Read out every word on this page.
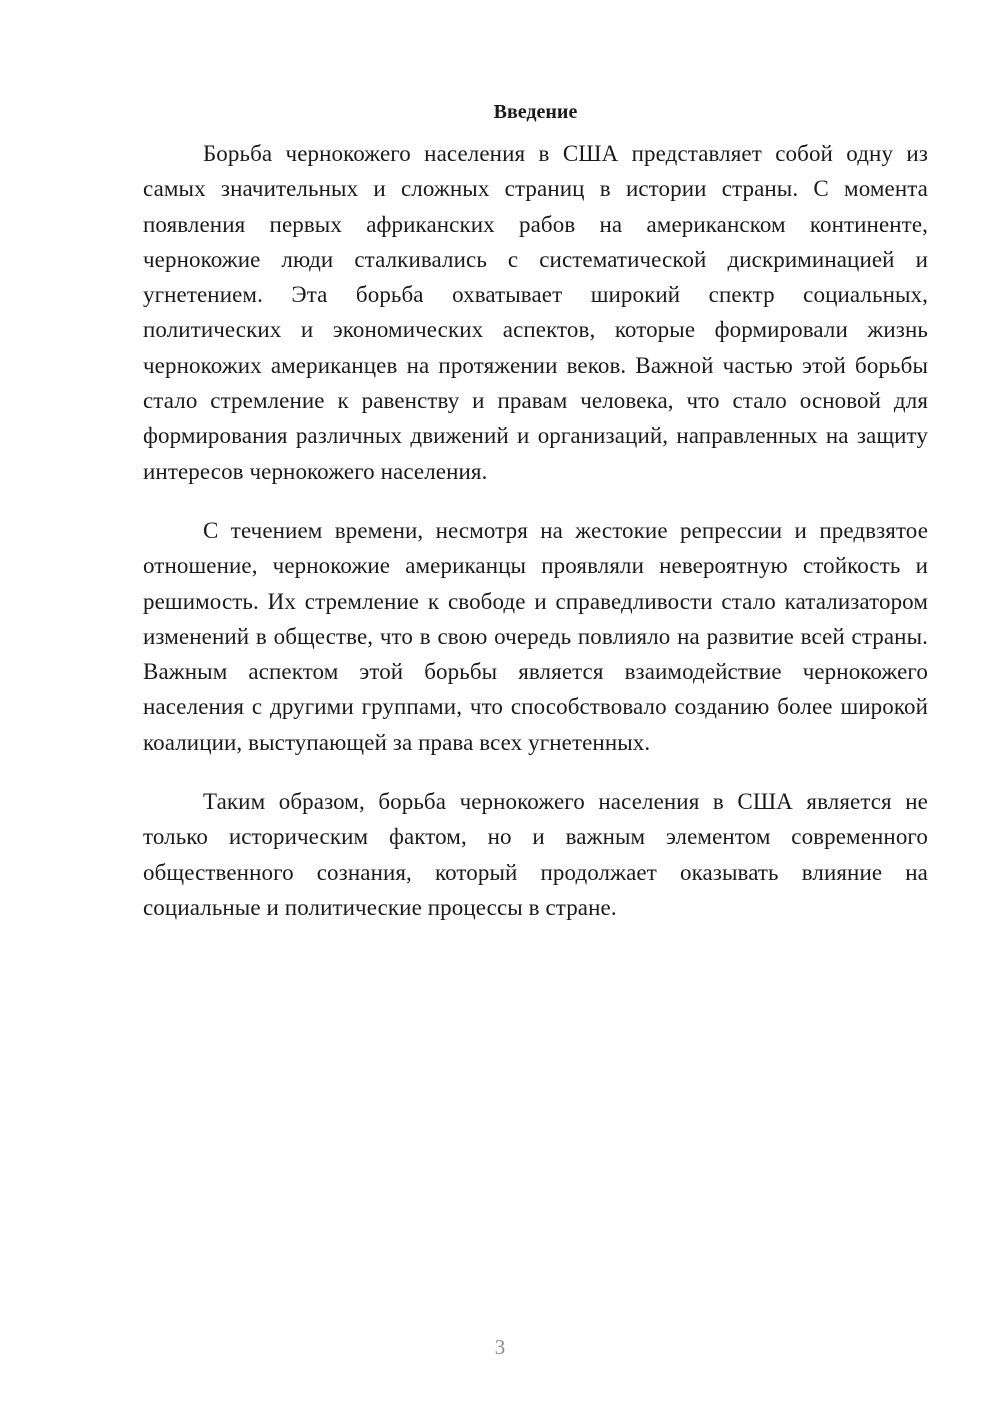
Введение

Борьба чернокожего населения в США представляет собой одну из самых значительных и сложных страниц в истории страны. С момента появления первых африканских рабов на американском континенте, чернокожие люди сталкивались с систематической дискриминацией и угнетением. Эта борьба охватывает широкий спектр социальных, политических и экономических аспектов, которые формировали жизнь чернокожих американцев на протяжении веков. Важной частью этой борьбы стало стремление к равенству и правам человека, что стало основой для формирования различных движений и организаций, направленных на защиту интересов чернокожего населения.

С течением времени, несмотря на жестокие репрессии и предвзятое отношение, чернокожие американцы проявляли невероятную стойкость и решимость. Их стремление к свободе и справедливости стало катализатором изменений в обществе, что в свою очередь повлияло на развитие всей страны. Важным аспектом этой борьбы является взаимодействие чернокожего населения с другими группами, что способствовало созданию более широкой коалиции, выступающей за права всех угнетенных.

Таким образом, борьба чернокожего населения в США является не только историческим фактом, но и важным элементом современного общественного сознания, который продолжает оказывать влияние на социальные и политические процессы в стране.

3
